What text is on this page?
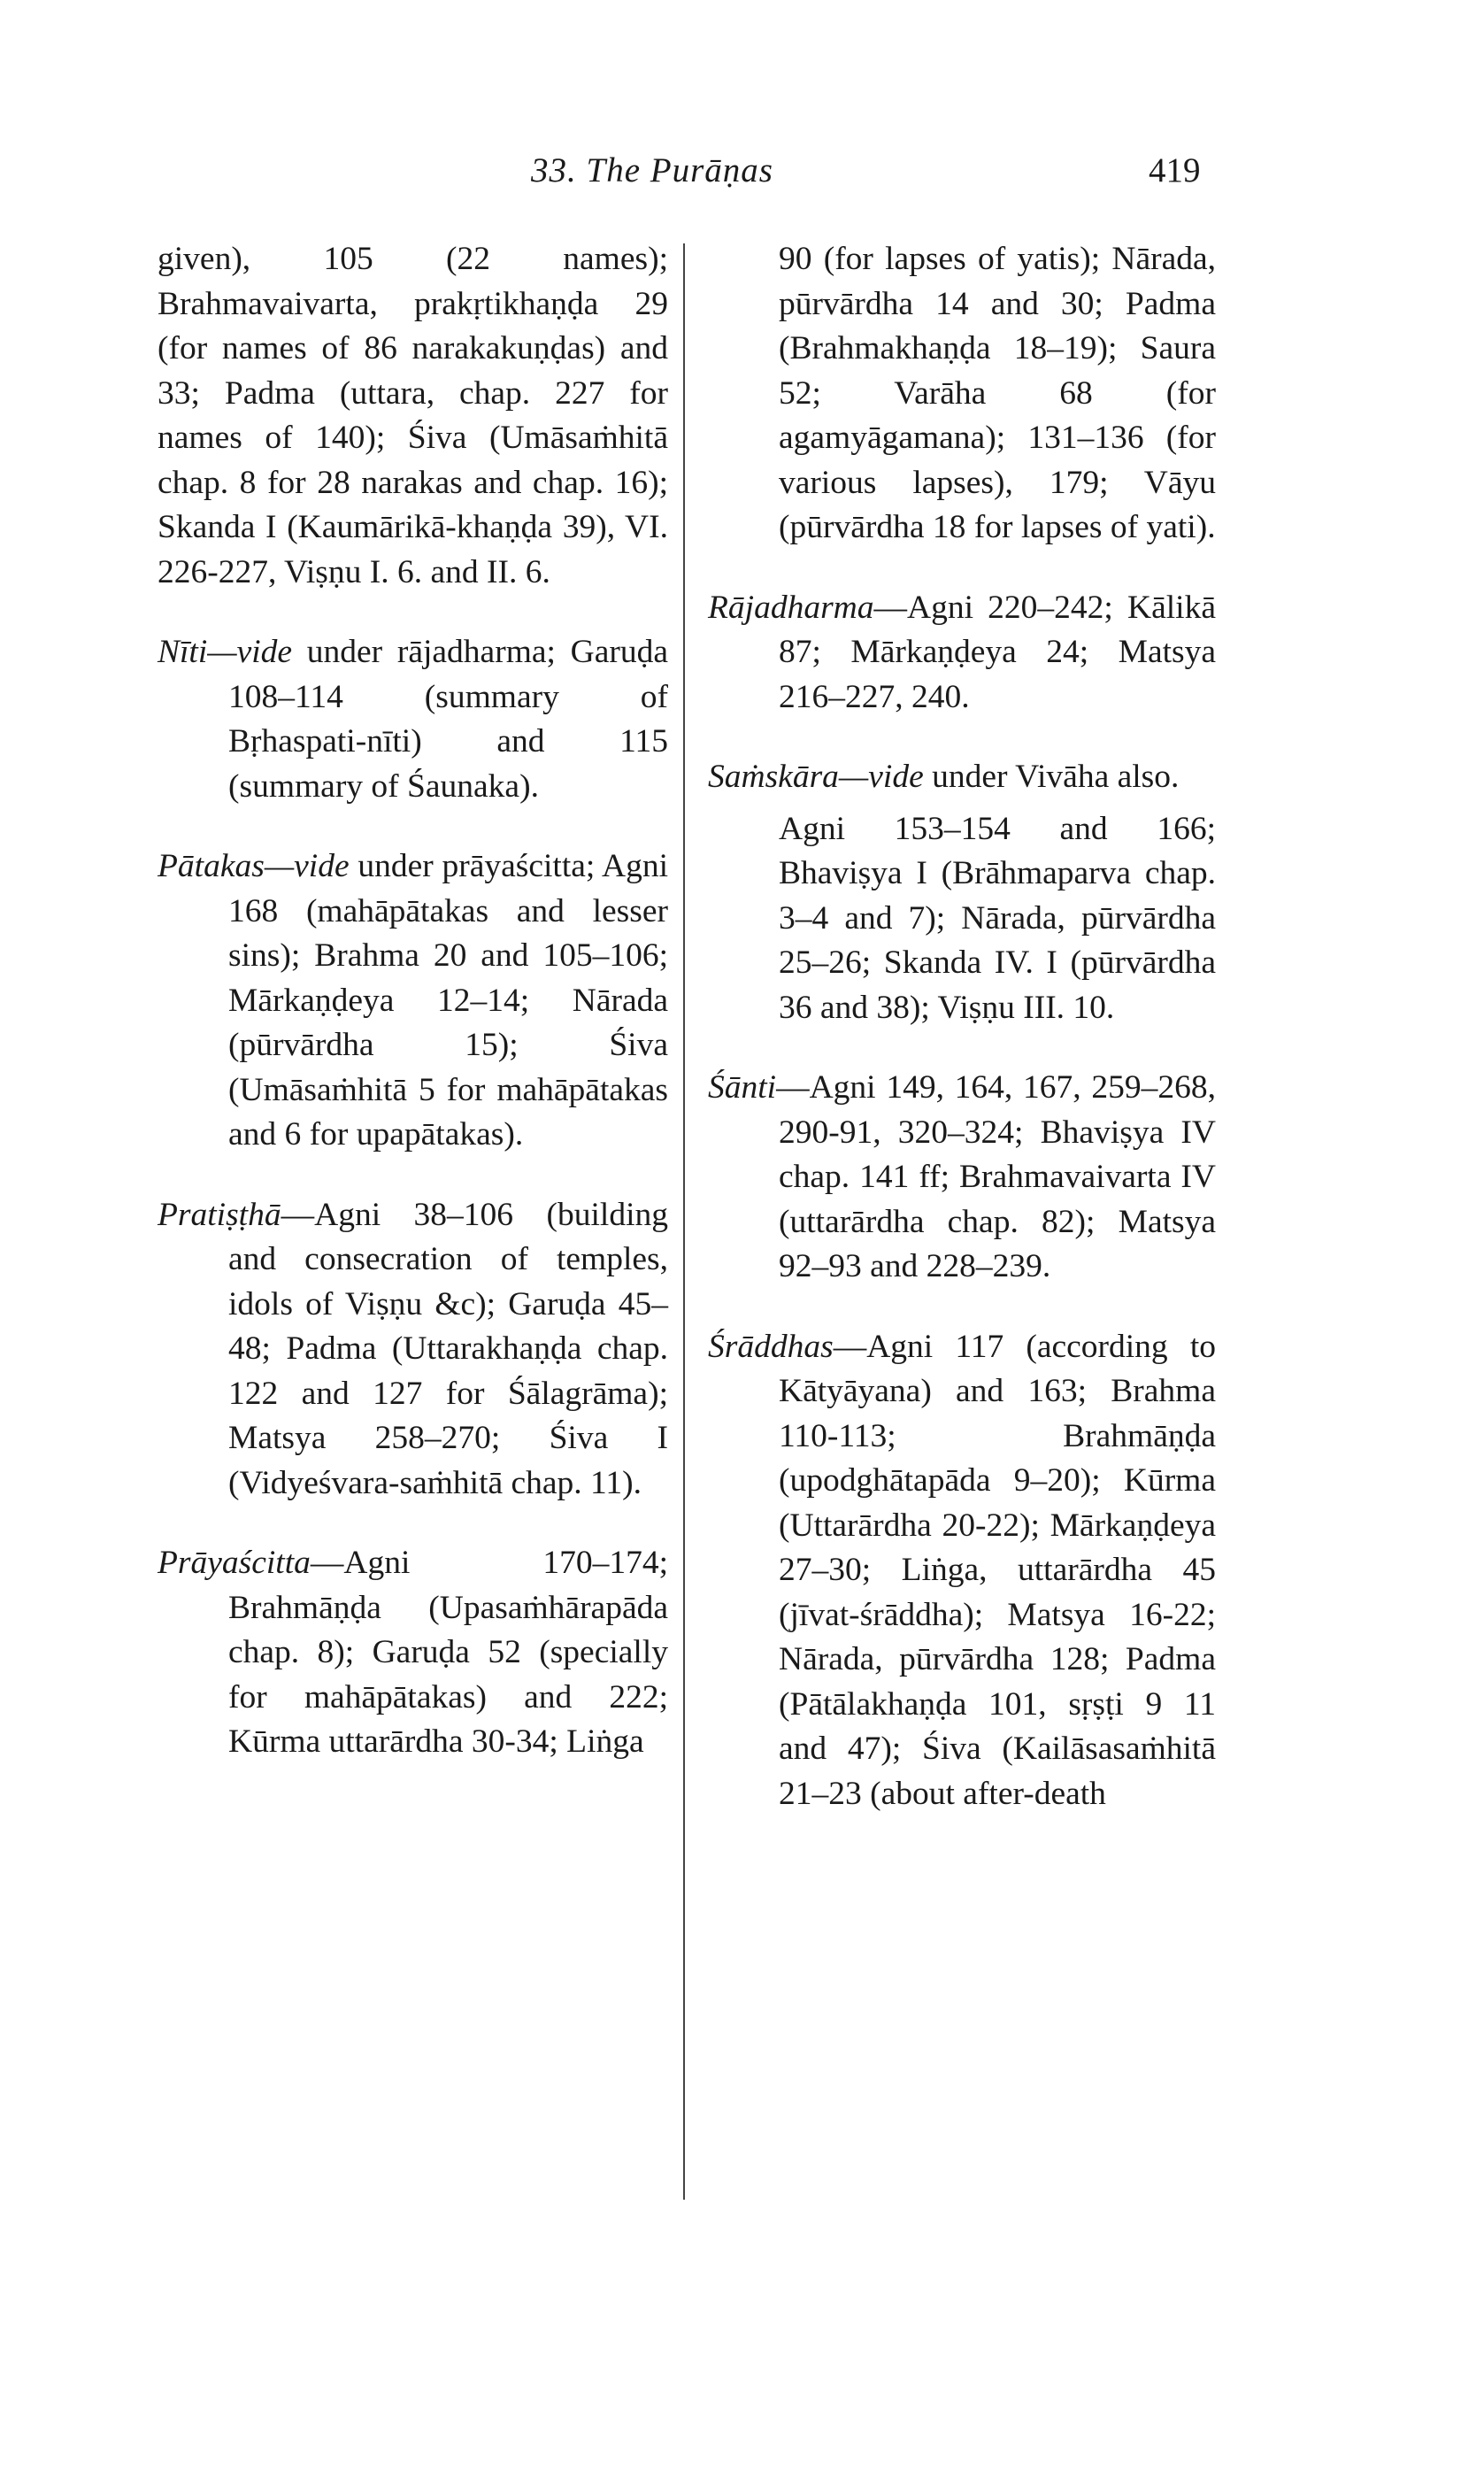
33. The Purāṇas	419

given), 105 (22 names); Brahmavaivarta, prakṛtikhaṇḍa 29 (for names of 86 narakakuṇḍas) and 33; Padma (uttara, chap. 227 for names of 140); Śiva (Umāsaṁhitā chap. 8 for 28 narakas and chap. 16); Skanda I (Kaumārikā-khaṇḍa 39), VI. 226-227, Viṣṇu I. 6. and II. 6.

Nīti—vide under rājadharma; Garuḍa 108–114 (summary of Bṛhaspati-nīti) and 115 (summary of Śaunaka).

Pātakas—vide under prāyaścitta; Agni 168 (mahāpātakas and lesser sins); Brahma 20 and 105–106; Mārkaṇḍeya 12–14; Nārada (pūrvārdha 15); Śiva (Umāsaṁhitā 5 for mahāpātakas and 6 for upapātakas).

Pratiṣṭhā—Agni 38–106 (building and consecration of temples, idols of Viṣṇu &c); Garuḍa 45–48; Padma (Uttarakhaṇḍa chap. 122 and 127 for Śālagrāma); Matsya 258–270; Śiva I (Vidyeśvara-saṁhitā chap. 11).

Prāyaścitta—Agni 170–174; Brahmāṇḍa (Upasaṁhārapāda chap. 8); Garuḍa 52 (specially for mahāpātakas) and 222; Kūrma uttarārdha 30-34; Liṅga

90 (for lapses of yatis); Nārada, pūrvārdha 14 and 30; Padma (Brahmakhaṇḍa 18–19); Saura 52; Varāha 68 (for agamyāgamana); 131–136 (for various lapses), 179; Vāyu (pūrvārdha 18 for lapses of yati).

Rājadharma—Agni 220–242; Kālikā 87; Mārkaṇḍeya 24; Matsya 216–227, 240.

Saṁskāra—vide under Vivāha also.

Agni 153–154 and 166; Bhaviṣya I (Brāhmaparva chap. 3–4 and 7); Nārada, pūrvārdha 25–26; Skanda IV. I (pūrvārdha 36 and 38); Viṣṇu III. 10.

Śānti—Agni 149, 164, 167, 259–268, 290-91, 320–324; Bhaviṣya IV chap. 141 ff; Brahmavaivarta IV (uttarārdha chap. 82); Matsya 92–93 and 228–239.

Śrāddhas—Agni 117 (according to Kātyāyana) and 163; Brahma 110-113; Brahmāṇḍa (upodghātapāda 9–20); Kūrma (Uttarārdha 20-22); Mārkaṇḍeya 27–30; Liṅga, uttarārdha 45 (jīvat-śrāddha); Matsya 16-22; Nārada, pūrvārdha 128; Padma (Pātālakhaṇḍa 101, sṛṣṭi 9 11 and 47); Śiva (Kailāsasaṁhitā 21–23 (about after-death
